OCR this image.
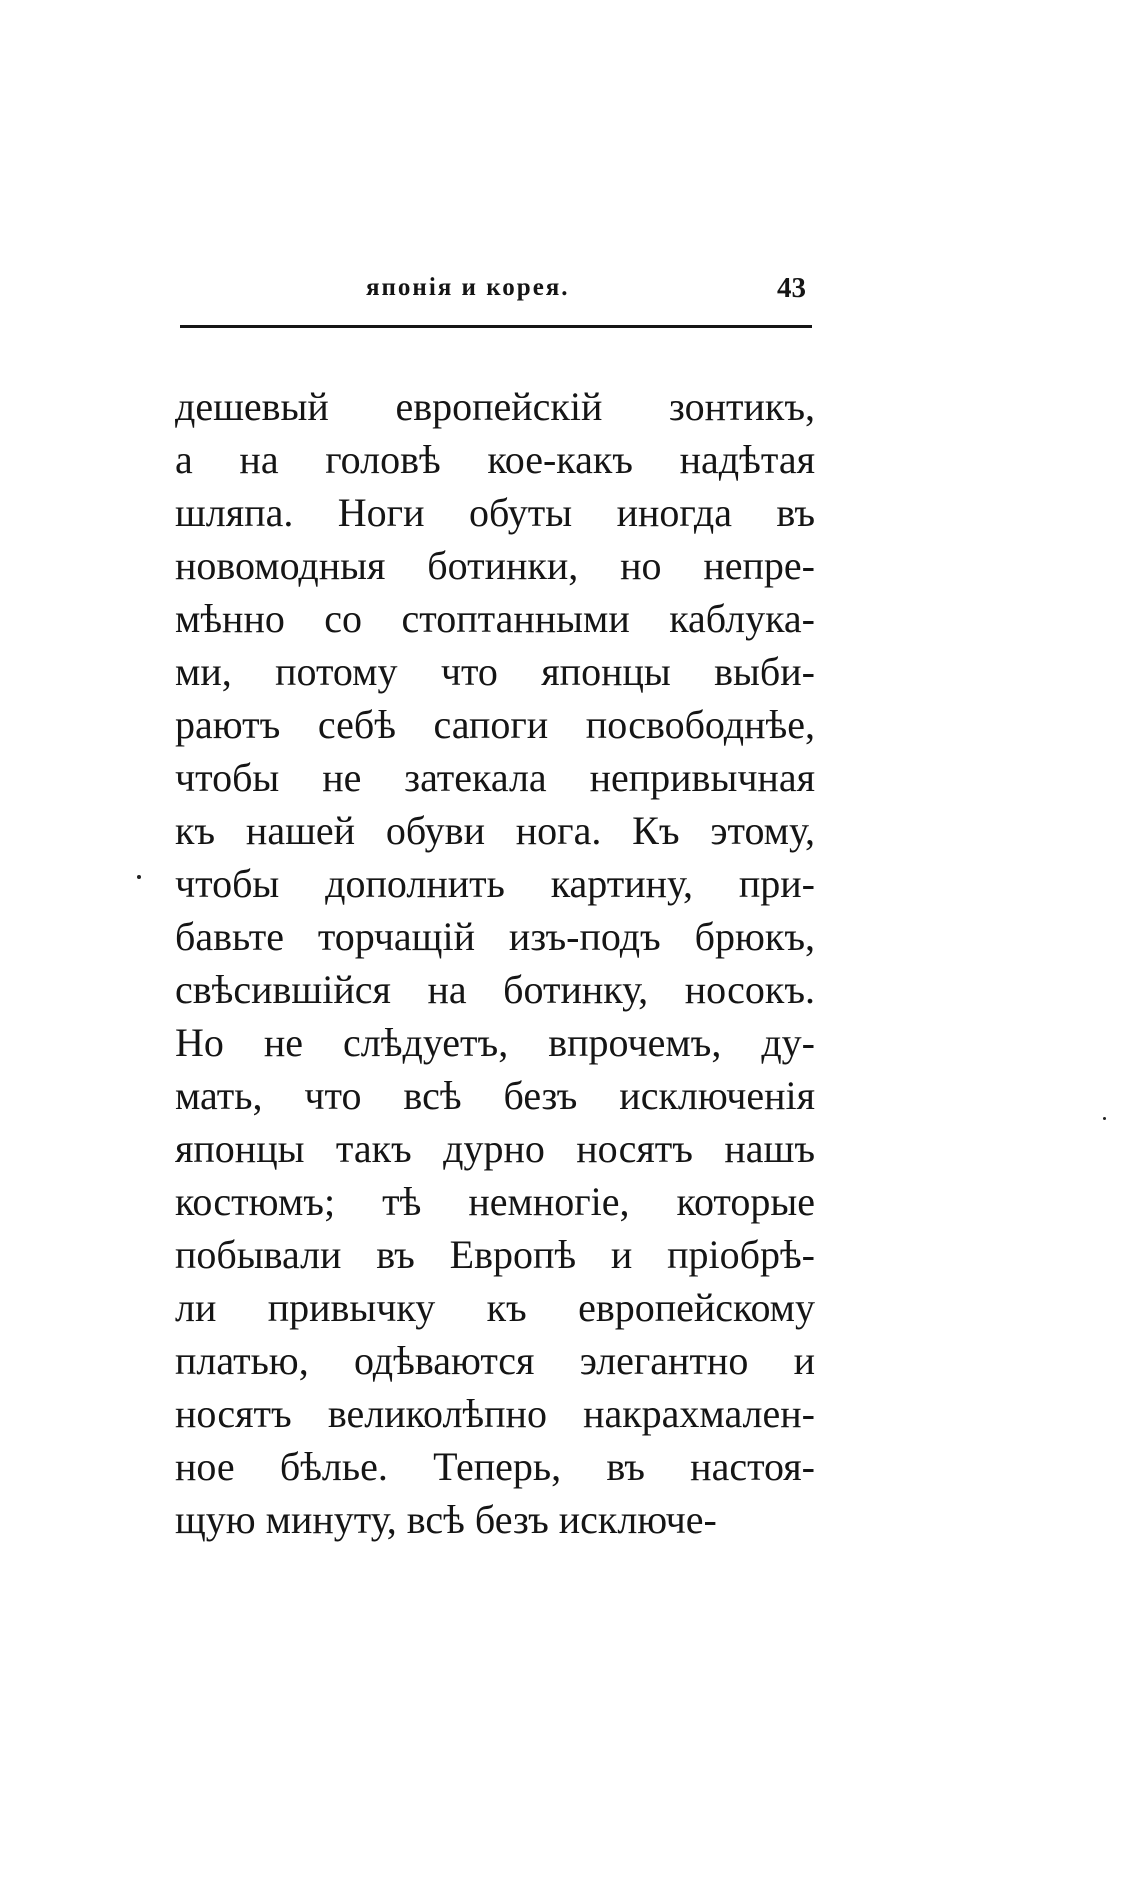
японія и корея.	43
дешевый европейскій зонтикъ,
а на головѣ кое-какъ надѣтая
шляпа. Ноги обуты иногда въ
новомодныя ботинки, но непре-
мѣнно со стоптанными каблука-
ми, потому что японцы выби-
раютъ себѣ сапоги посвободнѣе,
чтобы не затекала непривычная
къ нашей обуви нога. Къ этому,
чтобы дополнить картину, при-
бавьте торчащій изъ-подъ брюкъ,
свѣсившійся на ботинку, носокъ.
Но не слѣдуетъ, впрочемъ, ду-
мать, что всѣ безъ исключенія
японцы такъ дурно носятъ нашъ
костюмъ; тѣ немногіе, которые
побывали въ Европѣ и пріобрѣ-
ли привычку къ европейскому
платью, одѣваются элегантно и
носятъ великолѣпно накрахмален-
ное бѣлье. Теперь, въ настоя-
щую минуту, всѣ безъ исключе-
